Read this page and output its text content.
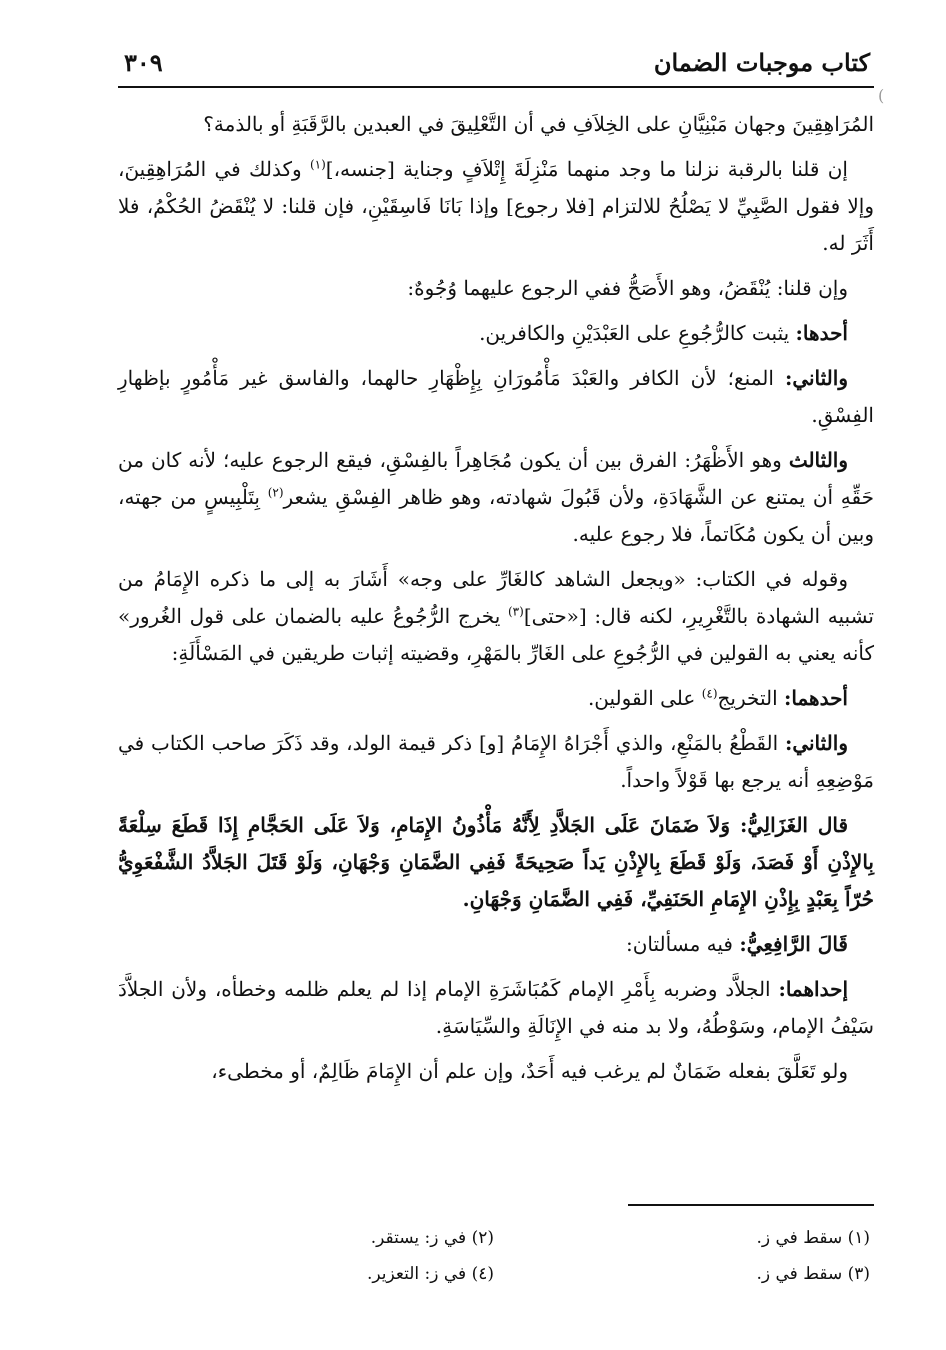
(
كتاب موجبات الضمان
٣٠٩

المُرَاهِقِينَ وجهان مَبْنِيَّانِ على الخِلاَفِ في أن التَّعْلِيقَ في العبدين بالرَّقَبَةِ أو بالذمة؟

إن قلنا بالرقبة نزلنا ما وجد منهما مَنْزِلَةَ إِتْلاَفٍ وجناية [جنسه،]$^{(١)}$ وكذلك في المُرَاهِقِينَ، وإلا فقول الصَّبِيِّ لا يَصْلُحُ للالتزام [فلا رجوع] وإذا بَانَا فَاسِقَيْنِ، فإن قلنا: لا يُنْقَضُ الحُكْمُ، فلا أَثَرَ له.

وإن قلنا: يُنْقَضُ، وهو الأَصَحُّ ففي الرجوع عليهما وُجُوهٌ:

أحدها: يثبت كالرُّجُوعِ على العَبْدَيْنِ والكافرين.

والثاني: المنع؛ لأن الكافر والعَبْدَ مَأْمُورَانِ بِإِظْهَارِ حالهما، والفاسق غير مَأْمُورٍ بإظهارِ الفِسْقِ.

والثالث وهو الأَظْهَرُ: الفرق بين أن يكون مُجَاهِراً بالفِسْقِ، فيقع الرجوع عليه؛ لأنه كان من حَقِّهِ أن يمتنع عن الشَّهَادَةِ، ولأن قَبُولَ شهادته، وهو ظاهر الفِسْقِ يشعر$^{(٢)}$ بِتَلْبِيسٍ من جهته، وبين أن يكون مُكَاتماً، فلا رجوع عليه.

وقوله في الكتاب: «ويجعل الشاهد كالغَارِّ على وجه» أَشَارَ به إلى ما ذكره الإِمَامُ من تشبيه الشهادة بالتَّغْرِيرِ، لكنه قال: [«حتى]$^{(٣)}$ يخرج الرُّجُوعُ عليه بالضمان على قول الغُرور» كأنه يعني به القولين في الرُّجُوعِ على الغَارِّ بالمَهْرِ، وقضيته إثبات طريقين في المَسْأَلَةِ:

أحدهما: التخريج$^{(٤)}$ على القولين.

والثاني: القَطْعُ بالمَنْعِ، والذي أَجْرَاهُ الإِمَامُ [و] ذكر قيمة الولد، وقد ذَكَرَ صاحب الكتاب في مَوْضِعِهِ أنه يرجع بها قَوْلاً واحداً.

قال الغَزَالِيُّ: وَلاَ ضَمَانَ عَلَى الجَلاَّدِ لِأَنَّهُ مَأْذُونُ الإِمَامِ، وَلاَ عَلَى الحَجَّامِ إِذَا قَطَعَ سِلْعَةً بِالإِذْنِ أَوْ فَصَدَ، وَلَوْ قَطَعَ بِالإِذْنِ يَداً صَحِيحَةً فَفِي الضَّمَانِ وَجْهَانِ، وَلَوْ قَتَلَ الجَلاَّدُ الشَّفْعَوِيُّ حُرّاً بِعَبْدٍ بِإِذْنِ الإِمَامِ الحَنَفِيِّ، فَفِي الضَّمَانِ وَجْهَانِ.

قَالَ الرَّافِعِيُّ: فيه مسألتان:

إحداهما: الجلاَّد وضربه بِأَمْرِ الإمام كَمُبَاشَرَةِ الإمام إذا لم يعلم ظلمه وخطأه، ولأن الجلاَّدَ سَيْفُ الإمام، وسَوْطُهُ، ولا بد منه في الإِنَالَةِ والسِّيَاسَةِ.

ولو تَعَلَّقَ بفعله ضَمَانٌ لم يرغب فيه أَحَدٌ، وإن علم أن الإِمَامَ ظَالِمٌ، أو مخطىء،

(١) سقط في ز.
(٢) في ز: يستقر.
(٣) سقط في ز.
(٤) في ز: التعزير.
